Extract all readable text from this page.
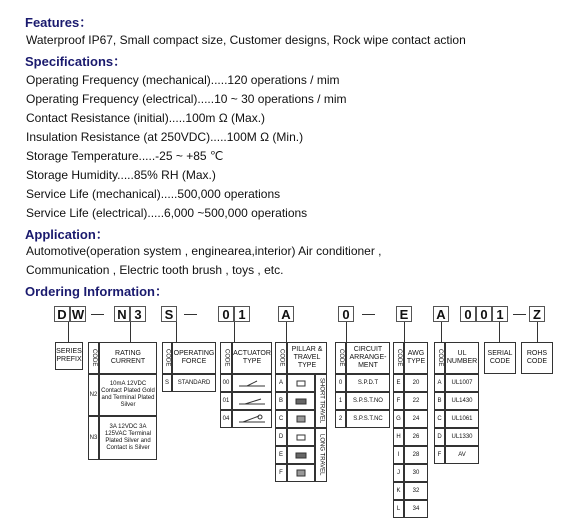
Features：
Waterproof IP67, Small compact size, Customer designs, Rock wipe contact action
Specifications：
Operating Frequency (mechanical).....120 operations / mim
Operating Frequency (electrical).....10 ~ 30 operations / mim
Contact Resistance (initial).....100m Ω (Max.)
Insulation Resistance (at 250VDC).....100M Ω (Min.)
Storage Temperature.....-25 ~ +85 ℃
Storage Humidity.....85% RH (Max.)
Service Life (mechanical).....500,000 operations
Service Life (electrical).....6,000 ~500,000 operations
Application：
Automotive(operation system , enginearea,interior) Air conditioner ,
Communication , Electric tooth brush , toys , etc.
Ordering Information：
D W — N 3	S —	0 1	A	0 — E A	0 0 1 — Z
SERIES PREFIX	CODE	RATING CURRENT
N2
10mA 12VDC Contact Plated Gold and Terminal Plated Silver
N3
3A 12VDC 3A 125VAC Terminal Plated Silver and Contact is Silver
CODE OPERATING FORCE
S	STANDARD
CODE ACTUATOR TYPE
00
01
04
CODE	PILLAR & TRAVEL TYPE
A
B
C
D
E
F
SHORT TRAVEL
LONG TRAVEL
CODE	CIRCUIT ARRANGE- MENT
0	S.P.D.T
1	S.P.S.T.NO
2	S.P.S.T.NC
CODE AWG TYPE
E	20
F	22
G	24
H	26
I	28
J	30
K	32
L	34
CODE	UL NUMBER
A	UL1007
B	UL1430
C	UL1061
D	UL1330
F	AV
SERIAL CODE
ROHS CODE
